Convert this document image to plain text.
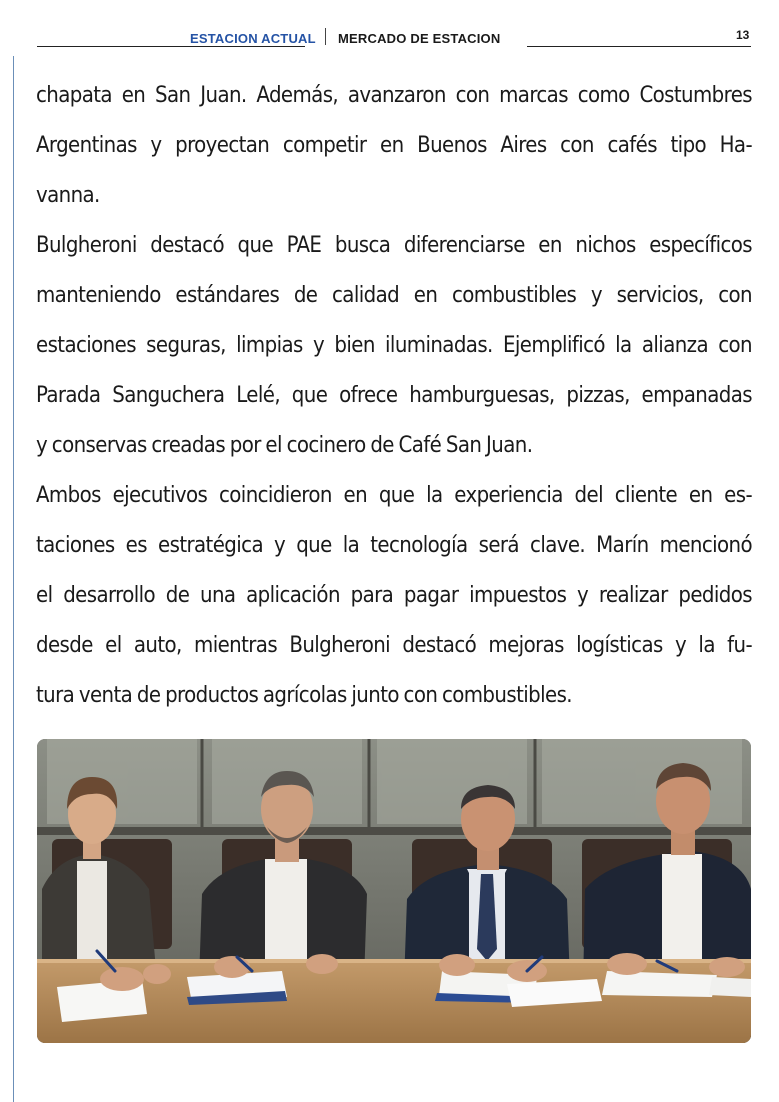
ESTACION ACTUAL MERCADO DE ESTACION	13
chapata en San Juan. Además, avanzaron con marcas como Costumbres
Argentinas y proyectan competir en Buenos Aires con cafés tipo Ha-
vanna.
Bulgheroni destacó que PAE busca diferenciarse en nichos específicos
manteniendo estándares de calidad en combustibles y servicios, con
estaciones seguras, limpias y bien iluminadas. Ejemplificó la alianza con
Parada Sanguchera Lelé, que ofrece hamburguesas, pizzas, empanadas
y conservas creadas por el cocinero de Café San Juan.
Ambos ejecutivos coincidieron en que la experiencia del cliente en es-
taciones es estratégica y que la tecnología será clave. Marín mencionó
el desarrollo de una aplicación para pagar impuestos y realizar pedidos
desde el auto, mientras Bulgheroni destacó mejoras logísticas y la fu-
tura venta de productos agrícolas junto con combustibles.
